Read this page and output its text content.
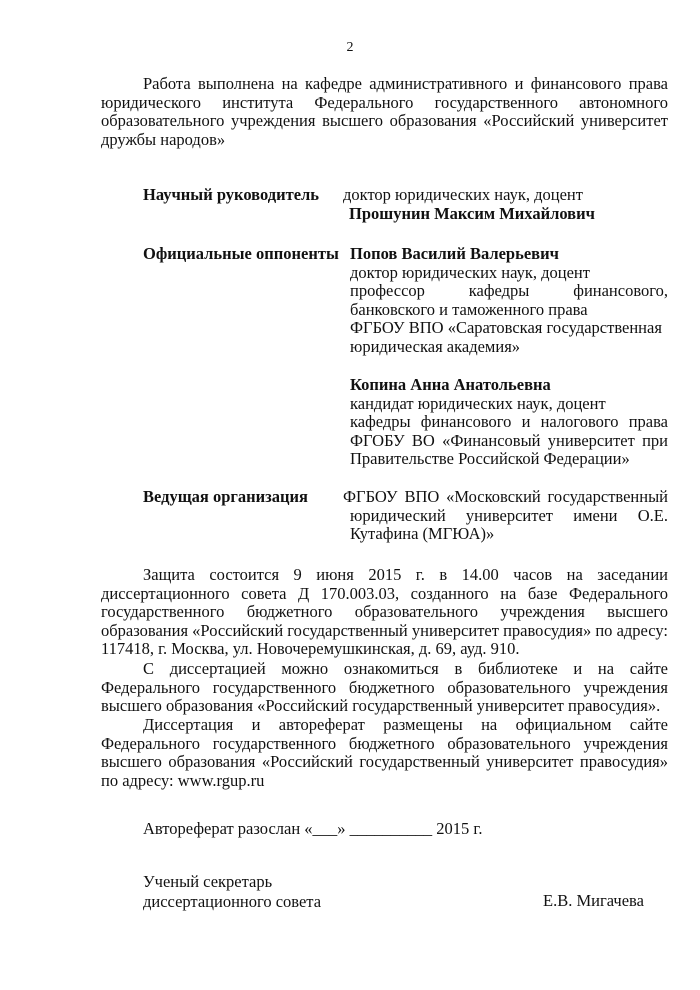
2
Работа выполнена на кафедре административного и финансового права юридического института Федерального государственного автономного образовательного учреждения высшего образования «Российский университет дружбы народов»
Научный руководитель доктор юридических наук, доцент
Прошунин Максим Михайлович
Официальные оппоненты Попов Василий Валерьевич
доктор юридических наук, доцент
профессор кафедры финансового,
банковского и таможенного права
ФГБОУ ВПО «Саратовская государственная
юридическая академия»
Копина Анна Анатольевна
кандидат юридических наук, доцент
кафедры финансового и налогового права
ФГОБУ ВО «Финансовый университет при
Правительстве Российской Федерации»
Ведущая организация ФГБОУ ВПО «Московский государственный
юридический университет имени О.Е.
Кутафина (МГЮА)»
Защита состоится 9 июня 2015 г. в 14.00 часов на заседании диссертационного совета Д 170.003.03, созданного на базе Федерального государственного бюджетного образовательного учреждения высшего образования «Российский государственный университет правосудия» по адресу: 117418, г. Москва, ул. Новочеремушкинская, д. 69, ауд. 910.
С диссертацией можно ознакомиться в библиотеке и на сайте Федерального государственного бюджетного образовательного учреждения высшего образования «Российский государственный университет правосудия».
Диссертация и автореферат размещены на официальном сайте Федерального государственного бюджетного образовательного учреждения высшего образования «Российский государственный университет правосудия» по адресу: www.rgup.ru
Автореферат разослан «___» __________ 2015 г.
Ученый секретарь
диссертационного совета	Е.В. Мигачева
